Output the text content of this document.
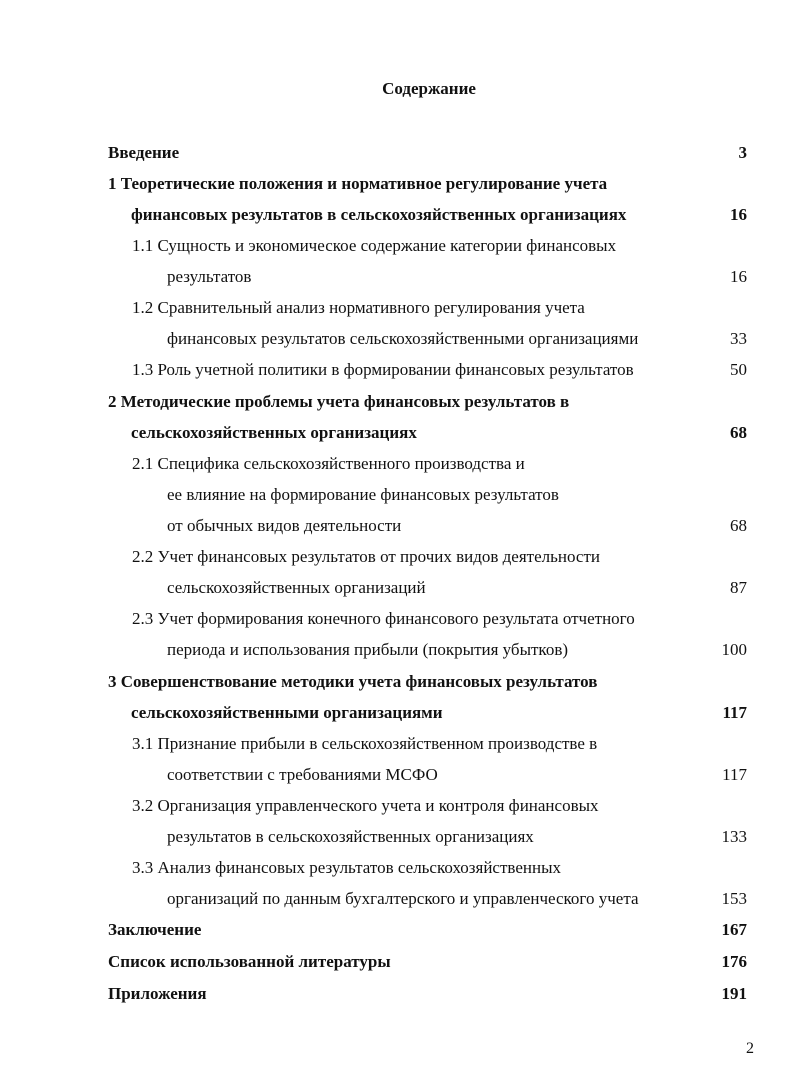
Содержание
Введение	3
1 Теоретические положения и нормативное регулирование учета
финансовых результатов в сельскохозяйственных организациях	16
1.1 Сущность и экономическое содержание категории финансовых
результатов	16
1.2 Сравнительный анализ нормативного регулирования учета
финансовых результатов сельскохозяйственными организациями	33
1.3 Роль учетной политики в формировании финансовых результатов	50
2 Методические проблемы учета финансовых результатов в
сельскохозяйственных организациях	68
2.1 Специфика сельскохозяйственного производства и
ее влияние на формирование финансовых результатов
от обычных видов деятельности	68
2.2 Учет финансовых результатов от прочих видов деятельности
сельскохозяйственных организаций	87
2.3 Учет формирования конечного финансового результата отчетного
периода и использования прибыли (покрытия убытков)	100
3 Совершенствование методики учета финансовых результатов
сельскохозяйственными организациями	117
3.1 Признание прибыли в сельскохозяйственном производстве в
соответствии с требованиями МСФО	117
3.2 Организация управленческого учета и контроля финансовых
результатов в сельскохозяйственных организациях	133
3.3 Анализ финансовых результатов сельскохозяйственных
организаций по данным бухгалтерского и управленческого учета	153
Заключение	167
Список использованной литературы	176
Приложения	191
2
